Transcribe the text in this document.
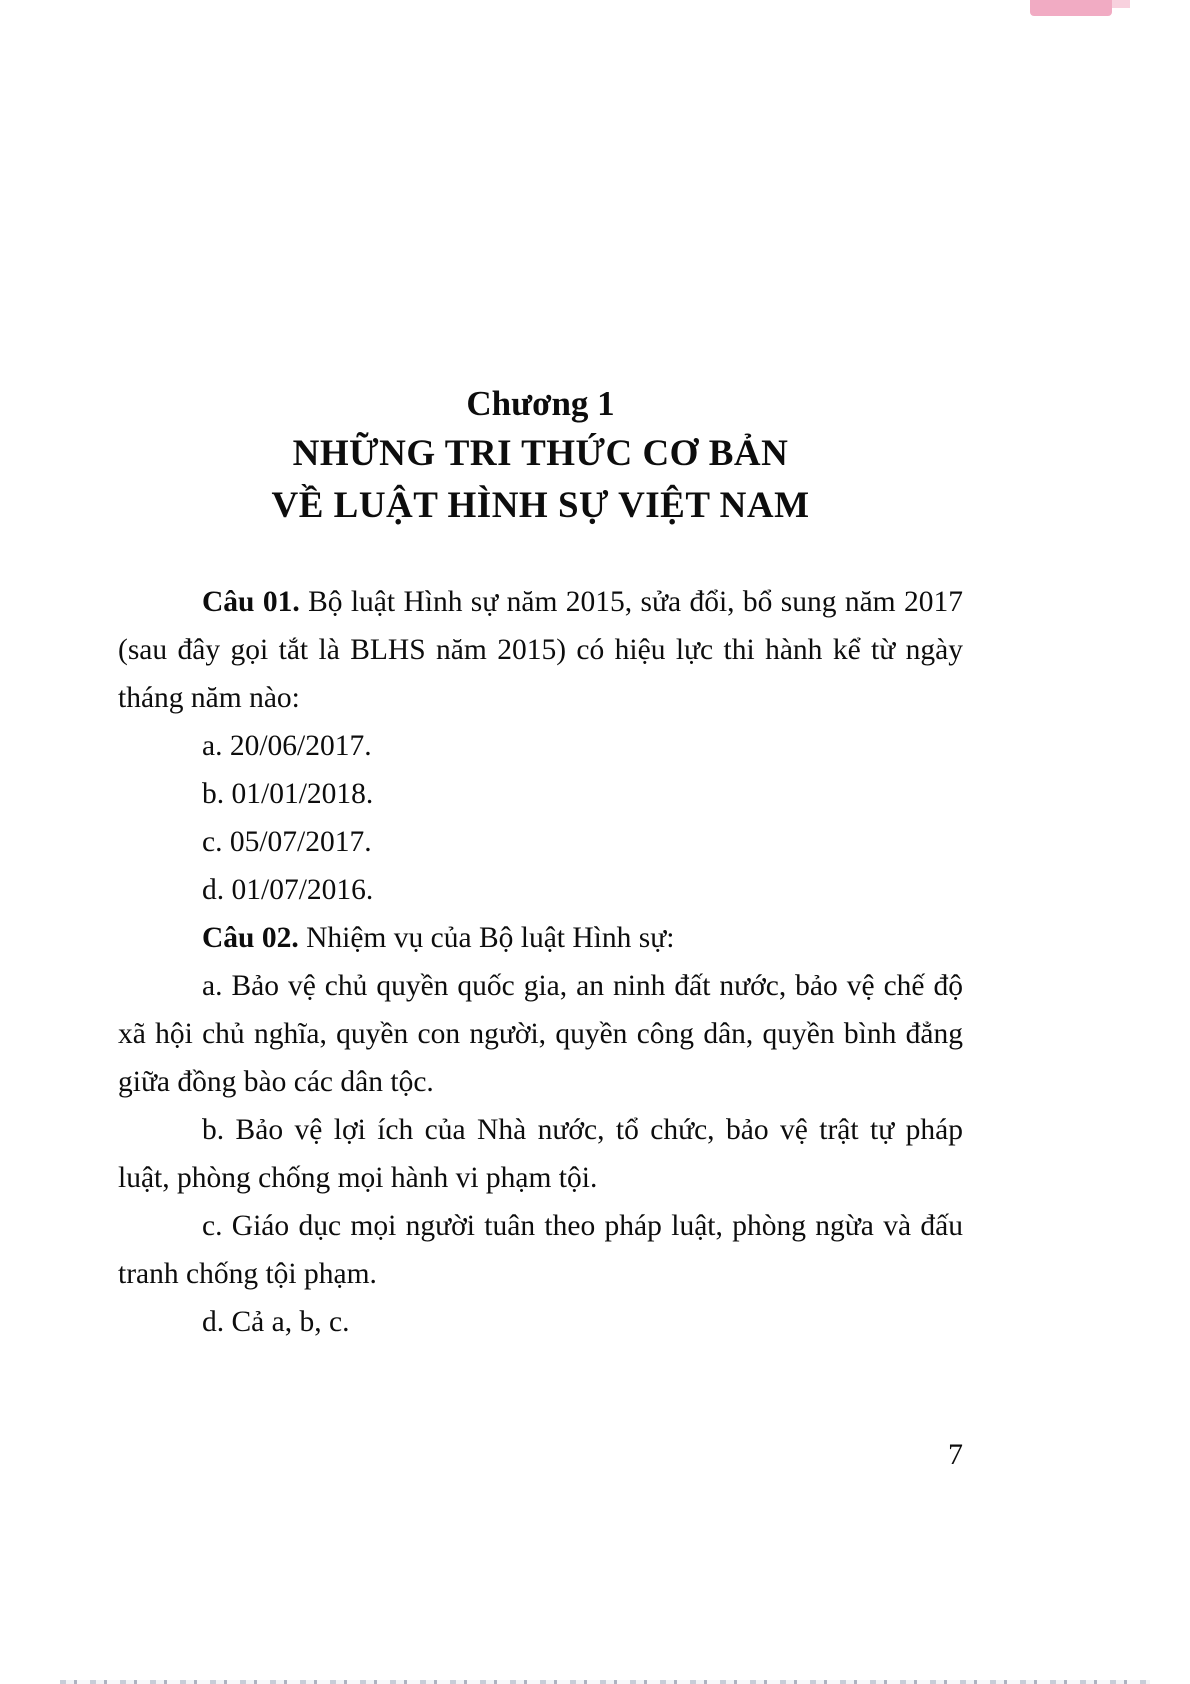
Chương 1
NHỮNG TRI THỨC CƠ BẢN
VỀ LUẬT HÌNH SỰ VIỆT NAM

Câu 01. Bộ luật Hình sự năm 2015, sửa đổi, bổ sung năm 2017 (sau đây gọi tắt là BLHS năm 2015) có hiệu lực thi hành kể từ ngày tháng năm nào:

a. 20/06/2017.

b. 01/01/2018.

c. 05/07/2017.

d. 01/07/2016.

Câu 02. Nhiệm vụ của Bộ luật Hình sự:

a. Bảo vệ chủ quyền quốc gia, an ninh đất nước, bảo vệ chế độ xã hội chủ nghĩa, quyền con người, quyền công dân, quyền bình đẳng giữa đồng bào các dân tộc.

b. Bảo vệ lợi ích của Nhà nước, tổ chức, bảo vệ trật tự pháp luật, phòng chống mọi hành vi phạm tội.

c. Giáo dục mọi người tuân theo pháp luật, phòng ngừa và đấu tranh chống tội phạm.

d. Cả a, b, c.

7
